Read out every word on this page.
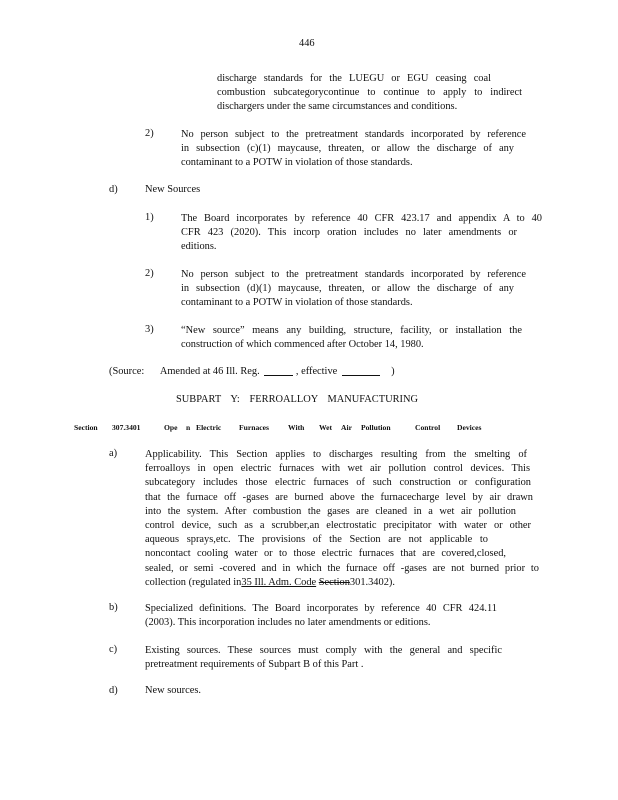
446
discharge standards for the LUEGU or EGU ceasing coal
combustion subcategorycontinue to continue to apply to indirect
dischargers under the same circumstances and conditions.
2)	No person subject to the pretreatment standards incorporated by reference
in subsection (c)(1) maycause, threaten, or allow the discharge of any
contaminant to a POTW in violation of those standards.
d)	New Sources
1)	The Board incorporates by reference 40 CFR 423.17 and appendix A to 40
CFR 423 (2020). This incorp oration includes no later amendments or
editions.
2)	No person subject to the pretreatment standards incorporated by reference
in subsection (d)(1) maycause, threaten, or allow the discharge of any
contaminant to a POTW in violation of those standards.
3)	“New source” means any building, structure, facility, or installation the
construction of which commenced after October 14, 1980.
(Source: Amended at 46 Ill. Reg.	, effective	)
SUBPART Y: FERROALLOY MANUFACTURING
Section 307.3401	Ope n Electric Furnaces	With Wet Air Pollution	Control Devices
a)	Applicability. This Section applies to discharges resulting from the smelting of
ferroalloys in open electric furnaces with wet air pollution control devices. This
subcategory includes those electric furnaces of such construction or configuration
that the furnace off -gases are burned above the furnacecharge level by air drawn
into the system. After combustion the gases are cleaned in a wet air pollution
control device, such as a scrubber,an electrostatic precipitator with water or other
aqueous sprays,etc. The provisions of the Section are not applicable to
noncontact cooling water or to those electric furnaces that are covered,closed,
sealed, or semi -covered and in which the furnace off -gases are not burned prior to
collection (regulated in35 Ill. Adm. Code Section301.3402).
b)	Specialized definitions. The Board incorporates by reference 40 CFR 424.11
(2003). This incorporation includes no later amendments or editions.
c)	Existing sources. These sources must comply with the general and specific
pretreatment requirements of Subpart B of this Part .
d)	New sources.
